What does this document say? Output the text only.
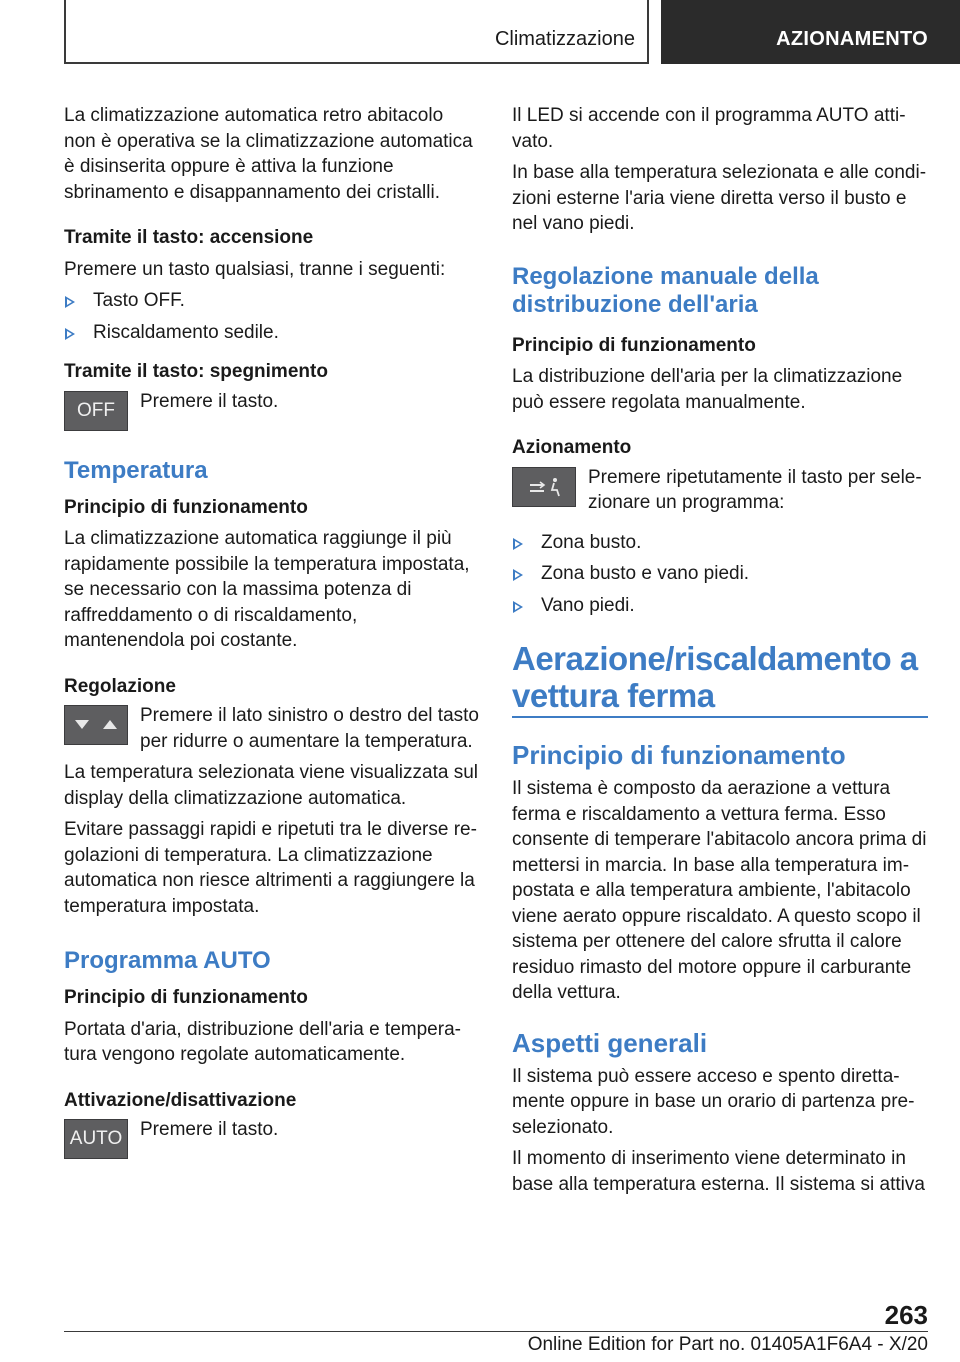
Climatizzazione	AZIONAMENTO

La climatizzazione automatica retro abitacolo non è operativa se la climatizzazione automatica è disinserita oppure è attiva la funzione sbrinamento e disappannamento dei cristalli.

Tramite il tasto: accensione

Premere un tasto qualsiasi, tranne i seguenti:

Tasto OFF.
Riscaldamento sedile.

Tramite il tasto: spegnimento

OFF Premere il tasto.
Temperatura

Principio di funzionamento

La climatizzazione automatica raggiunge il più rapidamente possibile la temperatura impostata, se necessario con la massima potenza di raffreddamento o di riscaldamento, mantenendola poi costante.

Regolazione

Premere il lato sinistro o destro del tasto per ridurre o aumentare la temperatura.

La temperatura selezionata viene visualizzata sul display della climatizzazione automatica.

Evitare passaggi rapidi e ripetuti tra le diverse regolazioni di temperatura. La climatizzazione automatica non riesce altrimenti a raggiungere la temperatura impostata.

Programma AUTO

Principio di funzionamento

Portata d'aria, distribuzione dell'aria e temperatura vengono regolate automaticamente.

Attivazione/disattivazione

AUTO Premere il tasto.

Il LED si accende con il programma AUTO attivato.

In base alla temperatura selezionata e alle condizioni esterne l'aria viene diretta verso il busto e nel vano piedi.

Regolazione manuale della distribuzione dell'aria

Principio di funzionamento

La distribuzione dell'aria per la climatizzazione può essere regolata manualmente.

Azionamento

Premere ripetutamente il tasto per selezionare un programma:
Zona busto.
Zona busto e vano piedi.
Vano piedi.
Aerazione/riscaldamento a vettura ferma
Principio di funzionamento

Il sistema è composto da aerazione a vettura ferma e riscaldamento a vettura ferma. Esso consente di temperare l'abitacolo ancora prima di mettersi in marcia. In base alla temperatura impostata e alla temperatura ambiente, l'abitacolo viene aerato oppure riscaldato. A questo scopo il sistema per ottenere del calore sfrutta il calore residuo rimasto del motore oppure il carburante della vettura.

Aspetti generali

Il sistema può essere acceso e spento direttamente oppure in base un orario di partenza preselezionato.

Il momento di inserimento viene determinato in base alla temperatura esterna. Il sistema si attiva

263
Online Edition for Part no. 01405A1F6A4 - X/20
